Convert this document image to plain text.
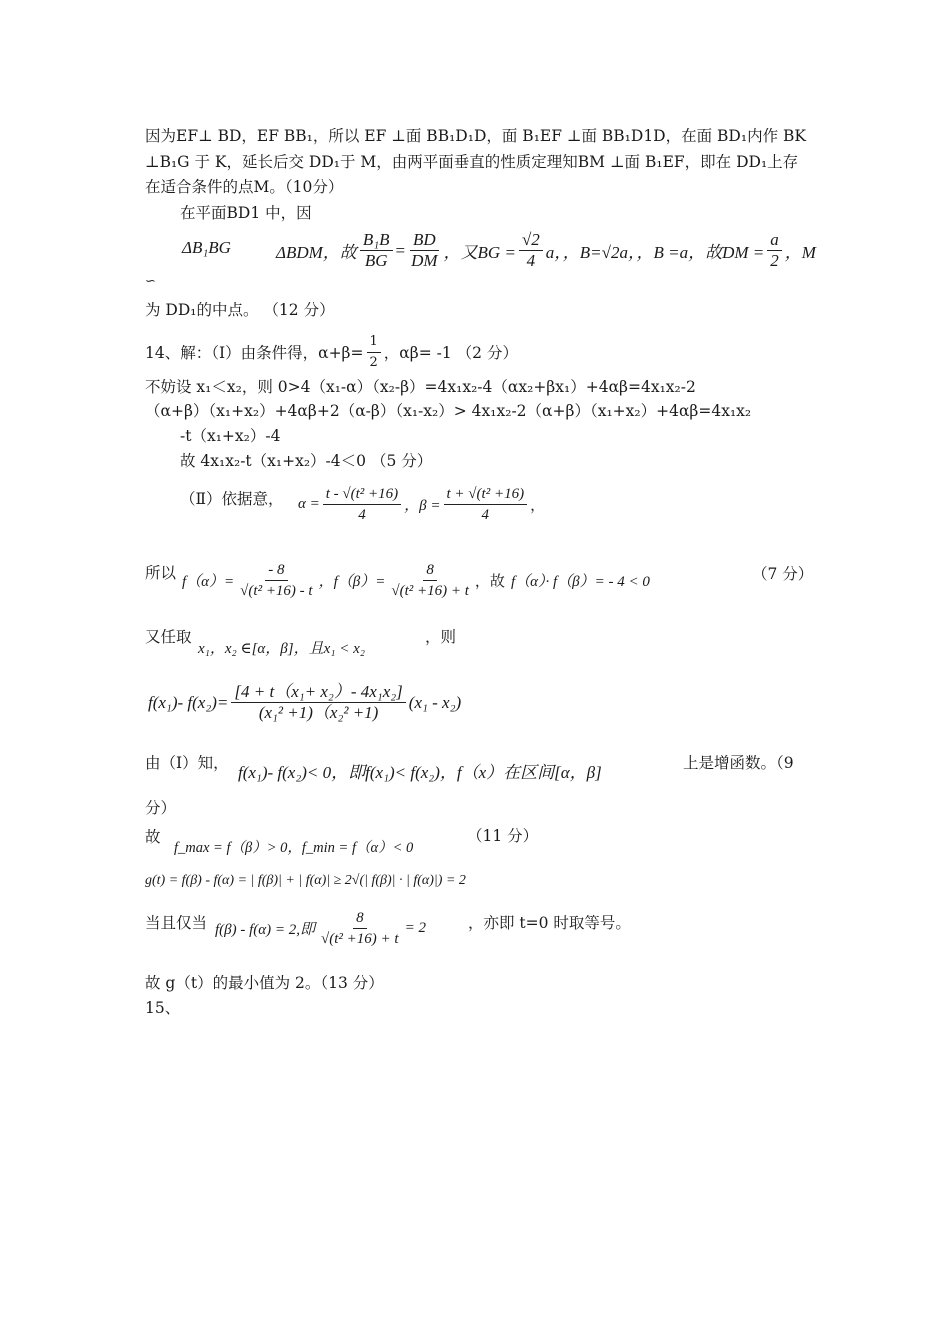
因为EF⊥ BD，EF BB₁，所以 EF ⊥面 BB₁D₁D，面 B₁EF ⊥面 BB₁D1D，在面 BD₁内作 BK
⊥B₁G 于 K，延长后交 DD₁于 M，由两平面垂直的性质定理知BM ⊥面 B₁EF，即在 DD₁上存
在适合条件的点M。（10分）
在平面BD1 中，因
ΔB₁BG	ΔBDM，故 $\frac{\text{B₁B}}{BG} = \frac{BD}{DM}$ ，又BG = $\frac{√2}{4}$ a，，B=√2a，，B =a，故DM = $\frac{a}{2}$ ，M
∽
为 DD₁的中点。 （12 分）
14、解：（Ⅰ）由条件得，$\alpha+\beta= \frac{1}{2}$ ，αβ= -1 （2 分）
不妨设 x₁＜x₂，则 0>4（x₁-α）（x₂-β）=4x₁x₂-4（αx₂+βx₁）+4αβ=4x₁x₂-2
（α+β）（x₁+x₂）+4αβ+2（α-β）（x₁-x₂）> 4x₁x₂-2（α+β）（x₁+x₂）+4αβ=4x₁x₂
-t（x₁+x₂）-4
故 4x₁x₂-t（x₁+x₂）-4＜0 （5 分）
（Ⅱ）依据意， $\alpha = \frac{\text{t - √(t² +16)}}{4}$ ，$\beta = \frac{\text{t + √(t² +16)}}{4}$ ，
所以 $f(\alpha)= \frac{- 8}{\text{√(t² +16) - t}}$ ，$f(\beta)= \frac{8}{\text{√(t² +16) + t}}$ ，故 f（α）· f（β）= - 4 < 0	（7 分）
又任取
x₁，x₂ ∈[α，β]，且x₁ < x₂
，则
f(x₁)- $f(x_2)= \frac{\text{[4 + t（x₁+ x₂）- 4x₁x₂]}}{\text{(x₁² +1)（x₂² +1)}} (x_1 - x_2)$
由（Ⅰ）知， f(x₁)- f(x₂)< 0，即f(x₁)< f(x₂)，f（x）在区间[α，β]	上是增函数。（9
分）
故
f_max = f（β）> 0，f_min = f（α）< 0
（11 分）
g(t) = f(β) - f(α) = | f(β)| + | f(α)| ≥ 2√(| f(β)| · | f(α)|) = 2
当且仅当 f(β) - f(α) = 2,即 $\frac{8}{\text{√(t² +16) + t}} = 2$	，亦即 t=0 时取等号。
故 g（t）的最小值为 2。（13 分）
15、
